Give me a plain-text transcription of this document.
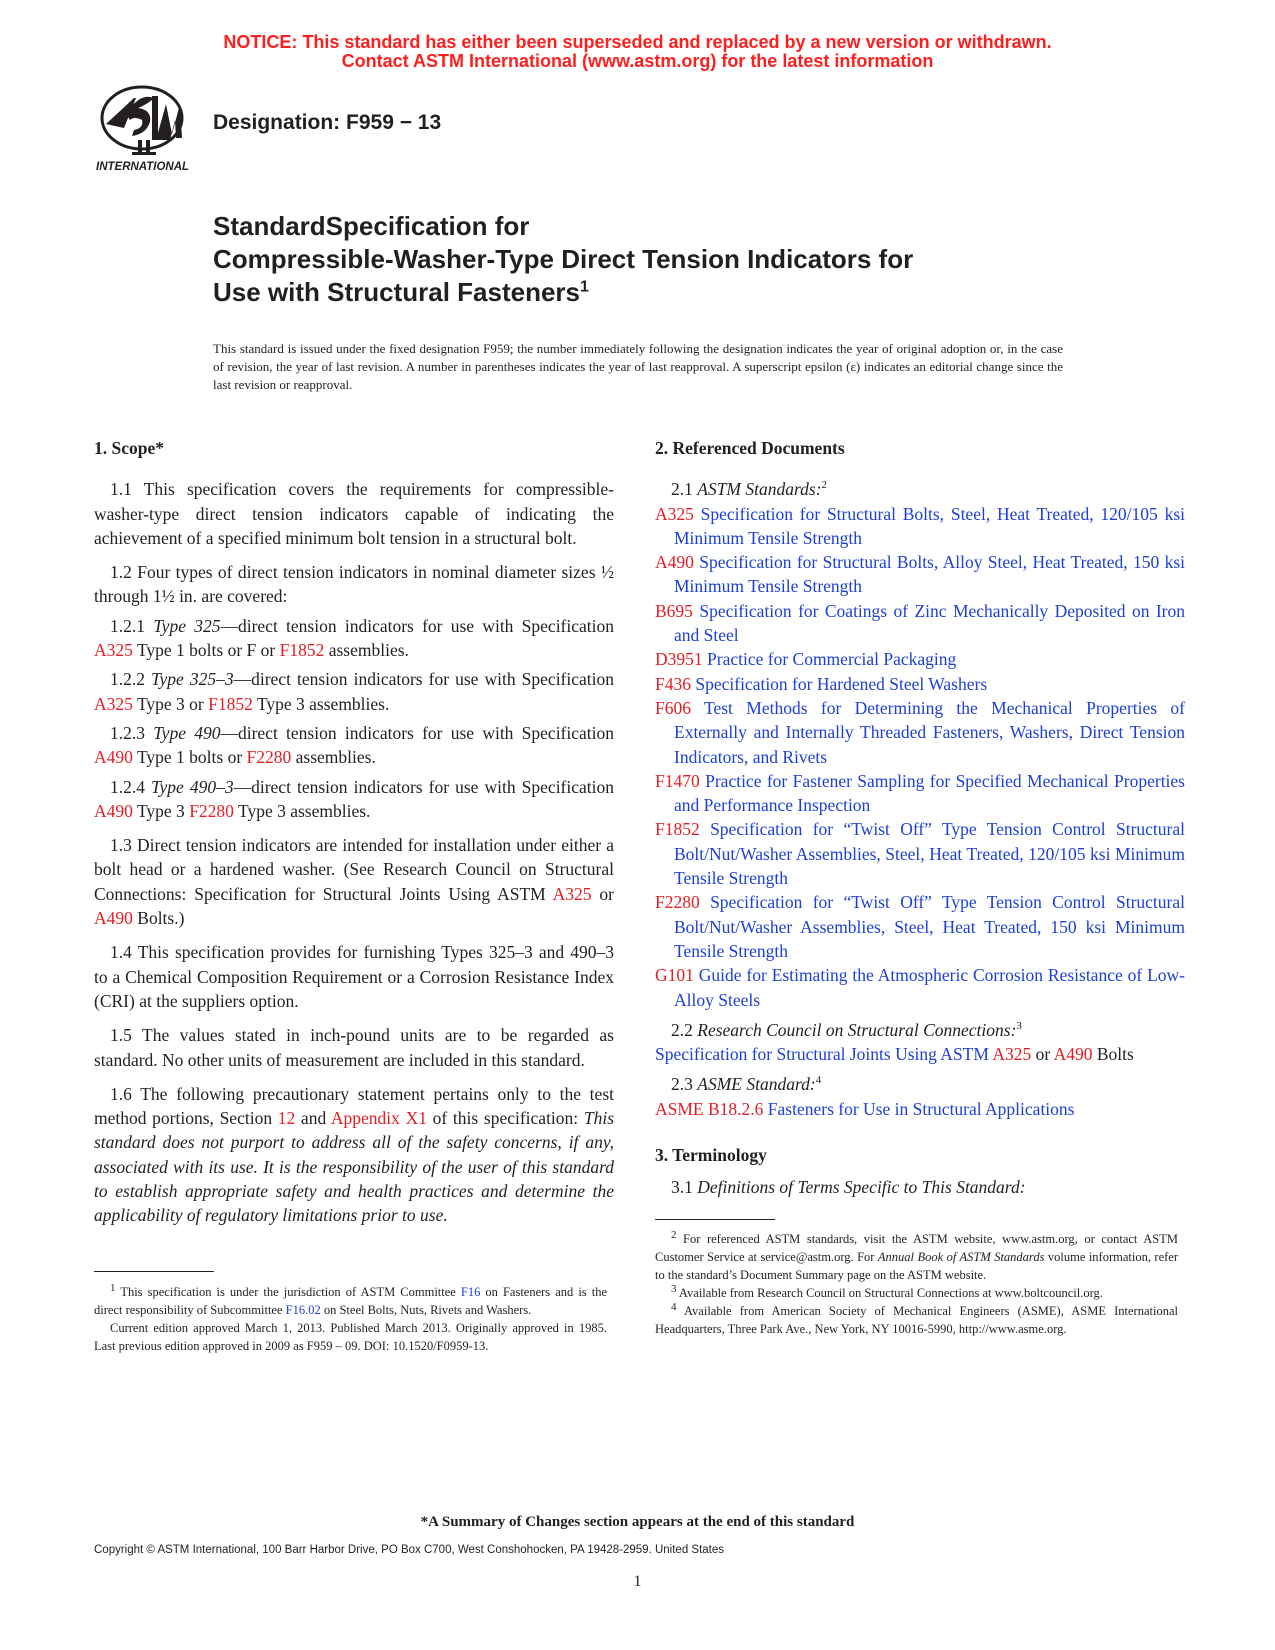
NOTICE: This standard has either been superseded and replaced by a new version or withdrawn.
Contact ASTM International (www.astm.org) for the latest information
INTERNATIONAL
Designation: F959 − 13

StandardSpecification for

Compressible-Washer-Type Direct Tension Indicators for

Use with Structural Fasteners$^1$

This standard is issued under the fixed designation F959; the number immediately following the designation indicates the year of original adoption or, in the case of revision, the year of last revision. A number in parentheses indicates the year of last reapproval. A superscript epsilon (ε) indicates an editorial change since the last revision or reapproval.

1. Scope*

1.1 This specification covers the requirements for compressible-washer-type direct tension indicators capable of indicating the achievement of a specified minimum bolt tension in a structural bolt.

1.2 Four types of direct tension indicators in nominal diameter sizes ½ through 1½ in. are covered:

1.2.1 Type 325—direct tension indicators for use with Specification A325 Type 1 bolts or F or F1852 assemblies.

1.2.2 Type 325–3—direct tension indicators for use with Specification A325 Type 3 or F1852 Type 3 assemblies.

1.2.3 Type 490—direct tension indicators for use with Specification A490 Type 1 bolts or F2280 assemblies.

1.2.4 Type 490–3—direct tension indicators for use with Specification A490 Type 3 F2280 Type 3 assemblies.

1.3 Direct tension indicators are intended for installation under either a bolt head or a hardened washer. (See Research Council on Structural Connections: Specification for Structural Joints Using ASTM A325 or A490 Bolts.)

1.4 This specification provides for furnishing Types 325–3 and 490–3 to a Chemical Composition Requirement or a Corrosion Resistance Index (CRI) at the suppliers option.

1.5 The values stated in inch-pound units are to be regarded as standard. No other units of measurement are included in this standard.

1.6 The following precautionary statement pertains only to the test method portions, Section 12 and Appendix X1 of this specification: This standard does not purport to address all of the safety concerns, if any, associated with its use. It is the responsibility of the user of this standard to establish appropriate safety and health practices and determine the applicability of regulatory limitations prior to use.

2. Referenced Documents

2.1 ASTM Standards:$^2$

A325 Specification for Structural Bolts, Steel, Heat Treated, 120/105 ksi Minimum Tensile Strength

A490 Specification for Structural Bolts, Alloy Steel, Heat Treated, 150 ksi Minimum Tensile Strength

B695 Specification for Coatings of Zinc Mechanically Deposited on Iron and Steel

D3951 Practice for Commercial Packaging

F436 Specification for Hardened Steel Washers

F606 Test Methods for Determining the Mechanical Properties of Externally and Internally Threaded Fasteners, Washers, Direct Tension Indicators, and Rivets

F1470 Practice for Fastener Sampling for Specified Mechanical Properties and Performance Inspection

F1852 Specification for “Twist Off” Type Tension Control Structural Bolt/Nut/Washer Assemblies, Steel, Heat Treated, 120/105 ksi Minimum Tensile Strength

F2280 Specification for “Twist Off” Type Tension Control Structural Bolt/Nut/Washer Assemblies, Steel, Heat Treated, 150 ksi Minimum Tensile Strength

G101 Guide for Estimating the Atmospheric Corrosion Resistance of Low-Alloy Steels

2.2 Research Council on Structural Connections:$^3$

Specification for Structural Joints Using ASTM A325 or A490 Bolts

2.3 ASME Standard:$^4$

ASME B18.2.6 Fasteners for Use in Structural Applications

3. Terminology

3.1 Definitions of Terms Specific to This Standard:

$^1$ This specification is under the jurisdiction of ASTM Committee F16 on Fasteners and is the direct responsibility of Subcommittee F16.02 on Steel Bolts, Nuts, Rivets and Washers.

Current edition approved March 1, 2013. Published March 2013. Originally approved in 1985. Last previous edition approved in 2009 as F959 – 09. DOI: 10.1520/F0959-13.

$^2$ For referenced ASTM standards, visit the ASTM website, www.astm.org, or contact ASTM Customer Service at service@astm.org. For Annual Book of ASTM Standards volume information, refer to the standard’s Document Summary page on the ASTM website.

$^3$ Available from Research Council on Structural Connections at www.boltcouncil.org.

$^4$ Available from American Society of Mechanical Engineers (ASME), ASME International Headquarters, Three Park Ave., New York, NY 10016-5990, http://www.asme.org.

*A Summary of Changes section appears at the end of this standard
Copyright © ASTM International, 100 Barr Harbor Drive, PO Box C700, West Conshohocken, PA 19428-2959. United States
1
